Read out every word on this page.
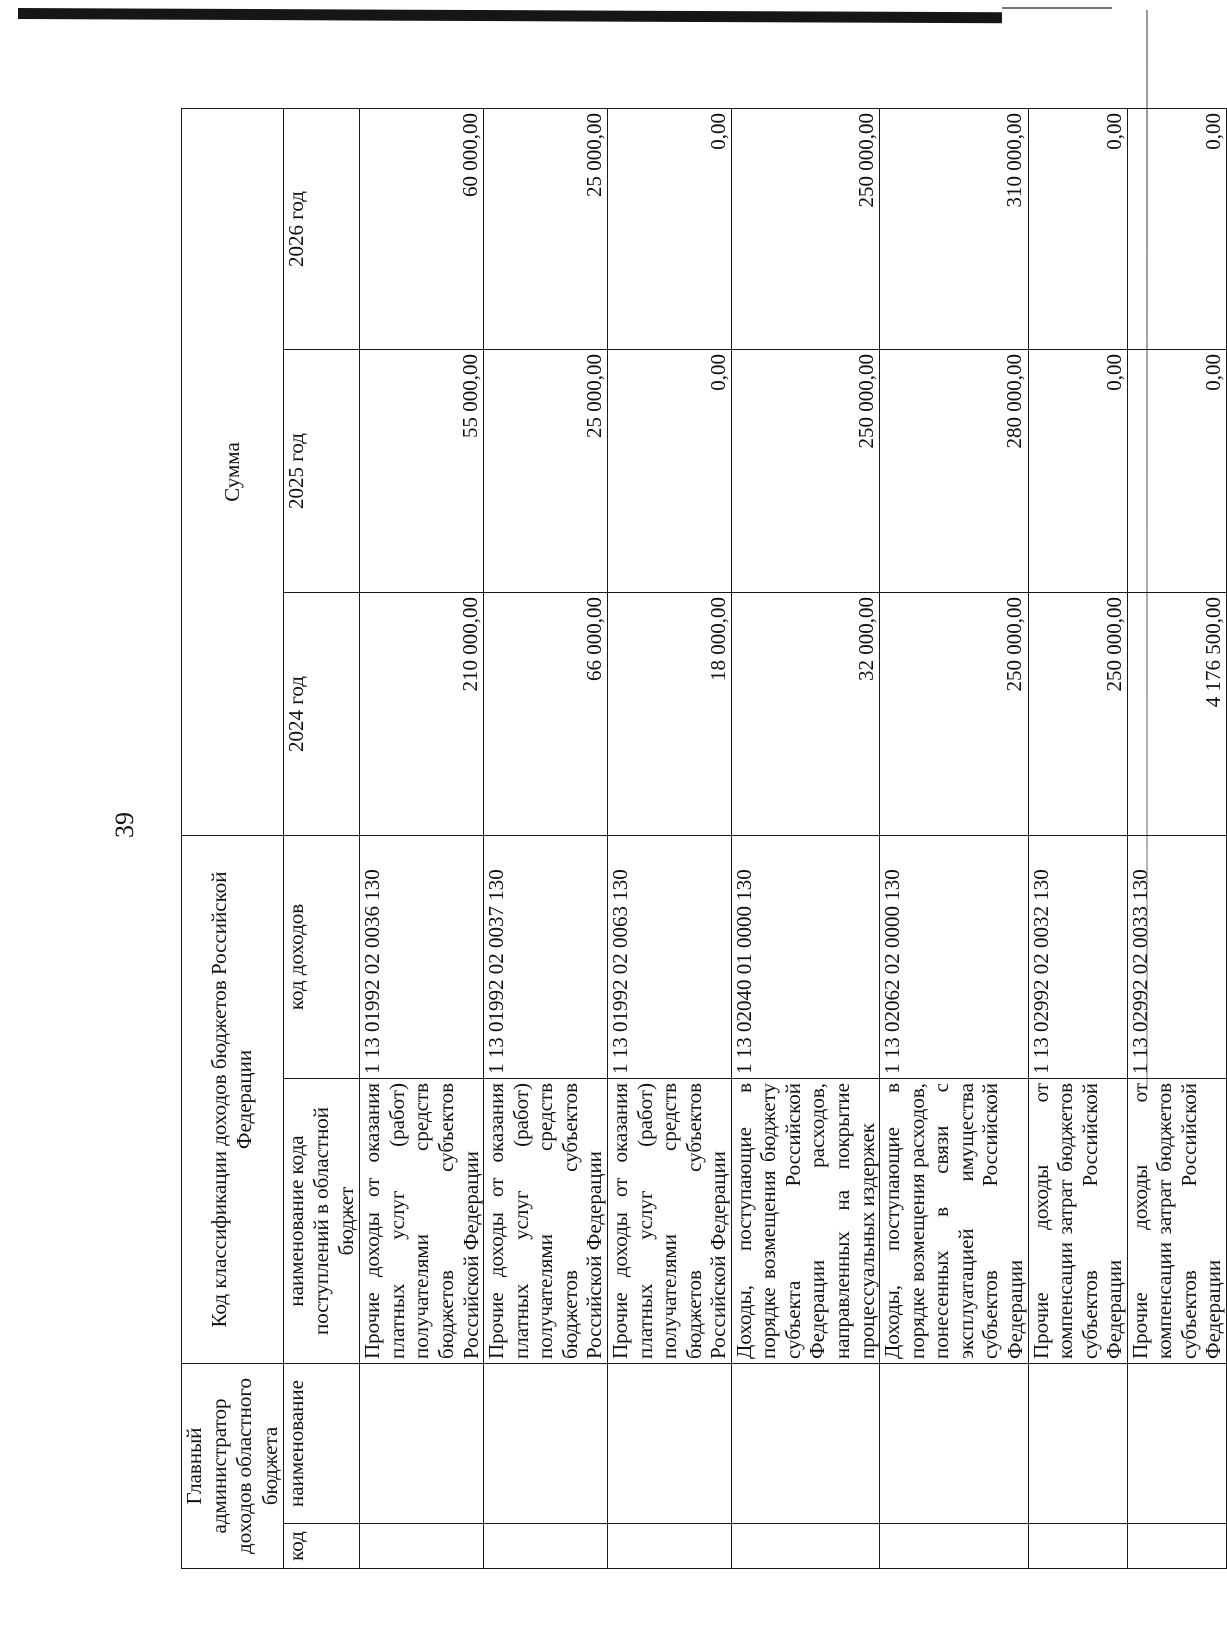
39
Главный администратор доходов областного бюджета		Код классификации доходов бюджетов Российской Федерации		Сумма		
код	наименование	наименование кода поступлений в областной бюджет	код доходов	2024 год	2025 год	2026 год
		Прочие доходы от оказания платных услуг (работ) получателями средств бюджетов субъектов Российской Федерации	1 13 01992 02 0036 130	210 000,00	55 000,00	60 000,00
		Прочие доходы от оказания платных услуг (работ) получателями средств бюджетов субъектов Российской Федерации	1 13 01992 02 0037 130	66 000,00	25 000,00	25 000,00
		Прочие доходы от оказания платных услуг (работ) получателями средств бюджетов субъектов Российской Федерации	1 13 01992 02 0063 130	18 000,00	0,00	0,00
		Доходы, поступающие в порядке возмещения бюджету субъекта Российской Федерации расходов, направленных на покрытие процессуальных издержек	1 13 02040 01 0000 130	32 000,00	250 000,00	250 000,00
		Доходы, поступающие в порядке возмещения расходов, понесенных в связи с эксплуатацией имущества субъектов Российской Федерации	1 13 02062 02 0000 130	250 000,00	280 000,00	310 000,00
		Прочие доходы от компенсации затрат бюджетов субъектов Российской Федерации	1 13 02992 02 0032 130	250 000,00	0,00	0,00
		Прочие доходы от компенсации затрат бюджетов субъектов Российской Федерации	1 13 02992 02 0033 130	4 176 500,00	0,00	0,00
